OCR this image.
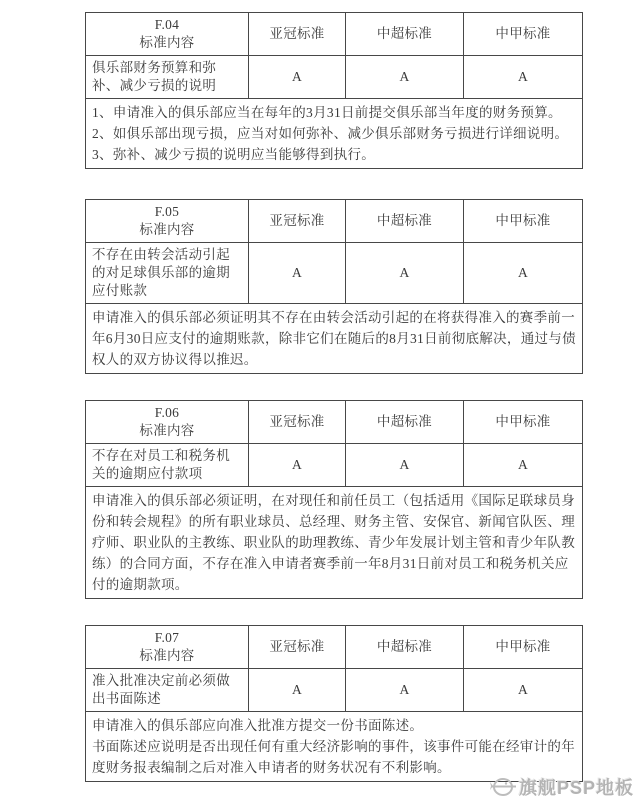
F.04
标准内容	亚冠标准	中超标准	中甲标准
俱乐部财务预算和弥补、减少亏损的说明	A	A	A

1、申请准入的俱乐部应当在每年的3月31日前提交俱乐部当年度的财务预算。

2、如俱乐部出现亏损，应当对如何弥补、减少俱乐部财务亏损进行详细说明。

3、弥补、减少亏损的说明应当能够得到执行。			

F.05
标准内容	亚冠标准	中超标准	中甲标准
不存在由转会活动引起的对足球俱乐部的逾期应付账款	A	A	A

申请准入的俱乐部必须证明其不存在由转会活动引起的在将获得准入的赛季前一年6月30日应支付的逾期账款，除非它们在随后的8月31日前彻底解决，通过与债权人的双方协议得以推迟。			

F.06
标准内容	亚冠标准	中超标准	中甲标准
不存在对员工和税务机关的逾期应付款项	A	A	A

申请准入的俱乐部必须证明，在对现任和前任员工（包括适用《国际足联球员身份和转会规程》的所有职业球员、总经理、财务主管、安保官、新闻官队医、理疗师、职业队的主教练、职业队的助理教练、青少年发展计划主管和青少年队教练）的合同方面，不存在准入申请者赛季前一年8月31日前对员工和税务机关应付的逾期款项。			

F.07
标准内容	亚冠标准	中超标准	中甲标准
准入批准决定前必须做出书面陈述	A	A	A

申请准入的俱乐部应向准入批准方提交一份书面陈述。

书面陈述应说明是否出现任何有重大经济影响的事件，该事件可能在经审计的年度财务报表编制之后对准入申请者的财务状况有不利影响。			

旗舰PSP地板
